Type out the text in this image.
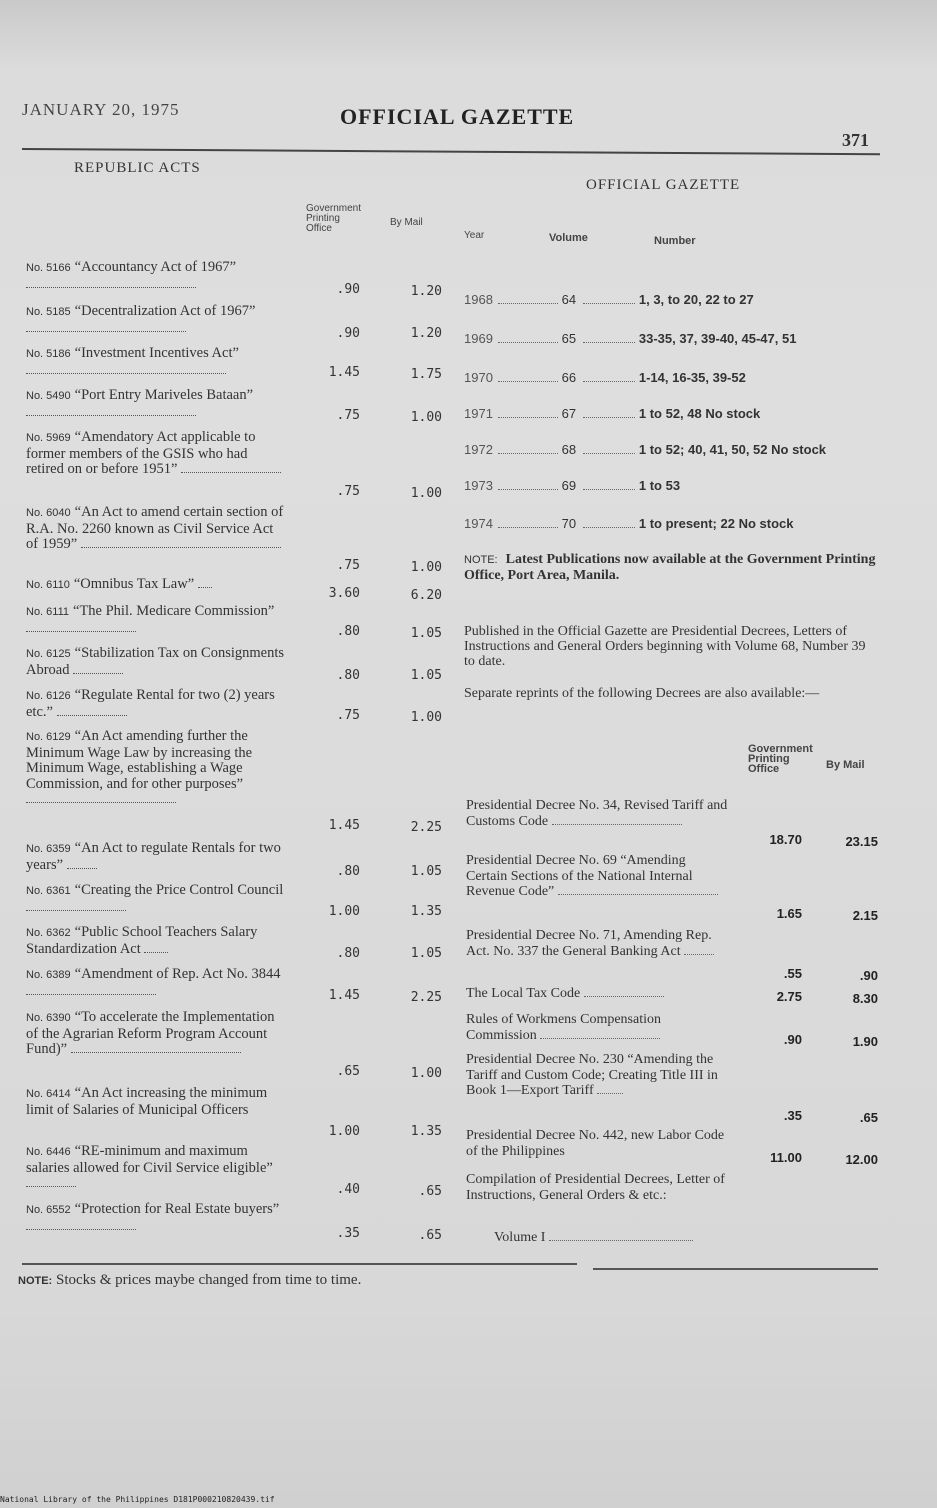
JANUARY 20, 1975	OFFICIAL GAZETTE
371
REPUBLIC ACTS
Government
Printing
Office
By Mail
No. 5166 “Accountancy Act of 1967”
.90	1.20
No. 5185 “Decentralization Act of 1967”
.90	1.20
No. 5186 “Investment Incentives Act”
1.45	1.75
No. 5490 “Port Entry Mariveles Bataan”
.75	1.00
No. 5969 “Amendatory Act applicable to former members of the GSIS who had retired on or before 1951”
.75	1.00
No. 6040 “An Act to amend certain section of R.A. No. 2260 known as Civil Service Act of 1959”
.75	1.00
No. 6110 “Omnibus Tax Law”
3.60	6.20
No. 6111 “The Phil. Medicare Commission”
.80	1.05
No. 6125 “Stabilization Tax on Consignments Abroad	.80	1.05
No. 6126 “Regulate Rental for two (2) years etc.”	.75	1.00
No. 6129 “An Act amending further the Minimum Wage Law by increasing the Minimum Wage, establishing a Wage Commission, and for other purposes”
1.45	2.25
No. 6359 “An Act to regulate Rentals for two years”	.80	1.05
No. 6361 “Creating the Price Control Council
1.00	1.35
No. 6362 “Public School Teachers Salary Standardization Act	.80	1.05
No. 6389 “Amendment of Rep. Act No. 3844
1.45	2.25
No. 6390 “To accelerate the Implementation of the Agrarian Reform Program Account Fund)”
.65	1.00
No. 6414 “An Act increasing the minimum limit of Salaries of Municipal Officers
1.00	1.35
No. 6446 “RE-minimum and maximum salaries allowed for Civil Service eligible”
.40	.65
No. 6552 “Protection for Real Estate buyers”
.35	.65
OFFICIAL GAZETTE
Year	Volume	Number
1968	64	1, 3, to 20, 22 to 27
1969	65	33-35, 37, 39-40, 45-47, 51
1970	66	1-14, 16-35, 39-52
1971	67	1 to 52, 48 No stock
1972	68	1 to 52; 40, 41, 50, 52 No stock
1973	69	1 to 53
1974	70	1 to present; 22 No stock
NOTE: Latest Publications now available at the Government Printing Office, Port Area, Manila.
Published in the Official Gazette are Presidential Decrees, Letters of Instructions and General Orders beginning with Volume 68, Number 39 to date.
Separate reprints of the following Decrees are also available:—
Government
Printing
Office	By Mail
Presidential Decree No. 34, Revised Tariff and Customs Code
18.70	23.15
Presidential Decree No. 69 “Amending Certain Sections of the National Internal Revenue Code”
1.65	2.15
Presidential Decree No. 71, Amending Rep. Act. No. 337 the General Banking Act
.55	.90
The Local Tax Code	2.75	8.30
Rules of Workmens Compensation Commission	.90	1.90
Presidential Decree No. 230 “Amending the Tariff and Custom Code; Creating Title III in Book 1—Export Tariff
.35	.65
Presidential Decree No. 442, new Labor Code of the Philippines	11.00	12.00
Compilation of Presidential Decrees, Letter of Instructions, General Orders & etc.:
Volume I
NOTE: Stocks & prices maybe changed from time to time.
National Library of the Philippines D181P000210820439.tif
